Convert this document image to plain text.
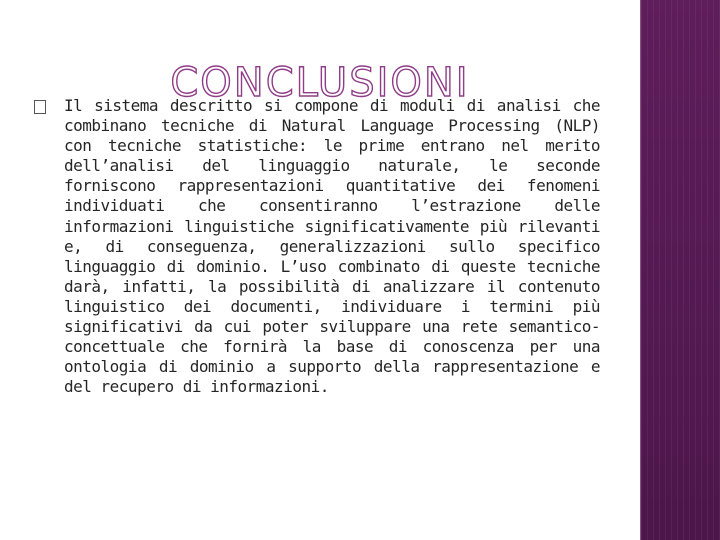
CONCLUSIONI

Il sistema descritto si compone di moduli di analisi che combinano tecniche di Natural Language Processing (NLP) con tecniche statistiche: le prime entrano nel merito dell’analisi del linguaggio naturale, le seconde forniscono rappresentazioni quantitative dei fenomeni individuati che consentiranno l’estrazione delle informazioni linguistiche significativamente più rilevanti e, di conseguenza, generalizzazioni sullo specifico linguaggio di dominio. L’uso combinato di queste tecniche darà, infatti, la possibilità di analizzare il contenuto linguistico dei documenti, individuare i termini più significativi da cui poter sviluppare una rete semantico-concettuale che fornirà la base di conoscenza per una ontologia di dominio a supporto della rappresentazione e del recupero di informazioni.
